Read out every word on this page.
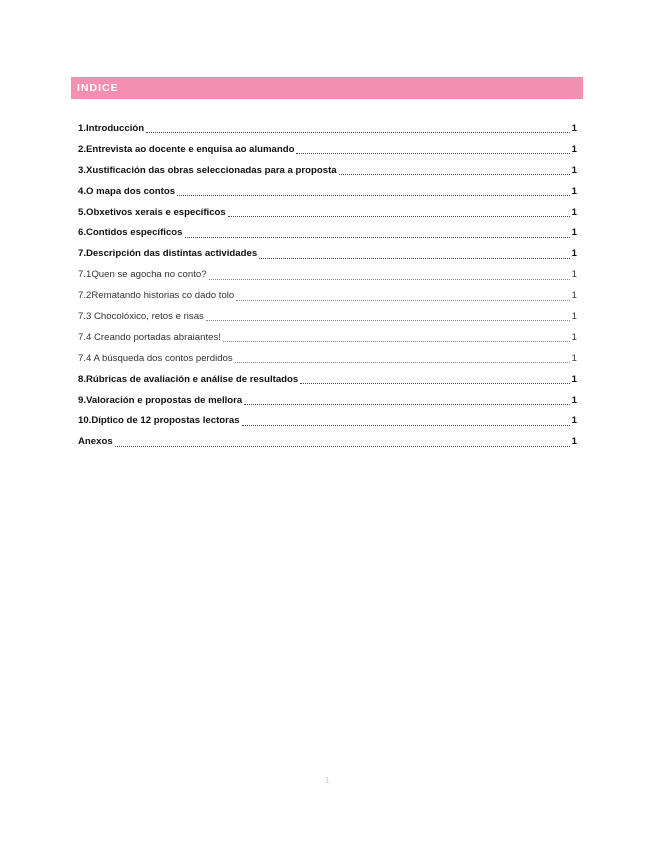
INDICE
1.Introducción	1
2.Entrevista ao docente e enquisa ao alumando	1
3.Xustificación das obras seleccionadas para a proposta	1
4.O mapa dos contos	1
5.Obxetivos xerais e específicos	1
6.Contidos específicos	1
7.Descripción das distintas actividades	1
7.1Quen se agocha no conto?	1
7.2Rematando historias co dado tolo	1
7.3 Chocolóxico, retos e risas	1
7.4 Creando portadas abraiantes!	1
7.4 A búsqueda dos contos perdidos	1
8.Rúbricas de avaliación e análise de resultados	1
9.Valoración e propostas de mellora	1
10.Díptico de 12 propostas lectoras	1
Anexos	1
1
